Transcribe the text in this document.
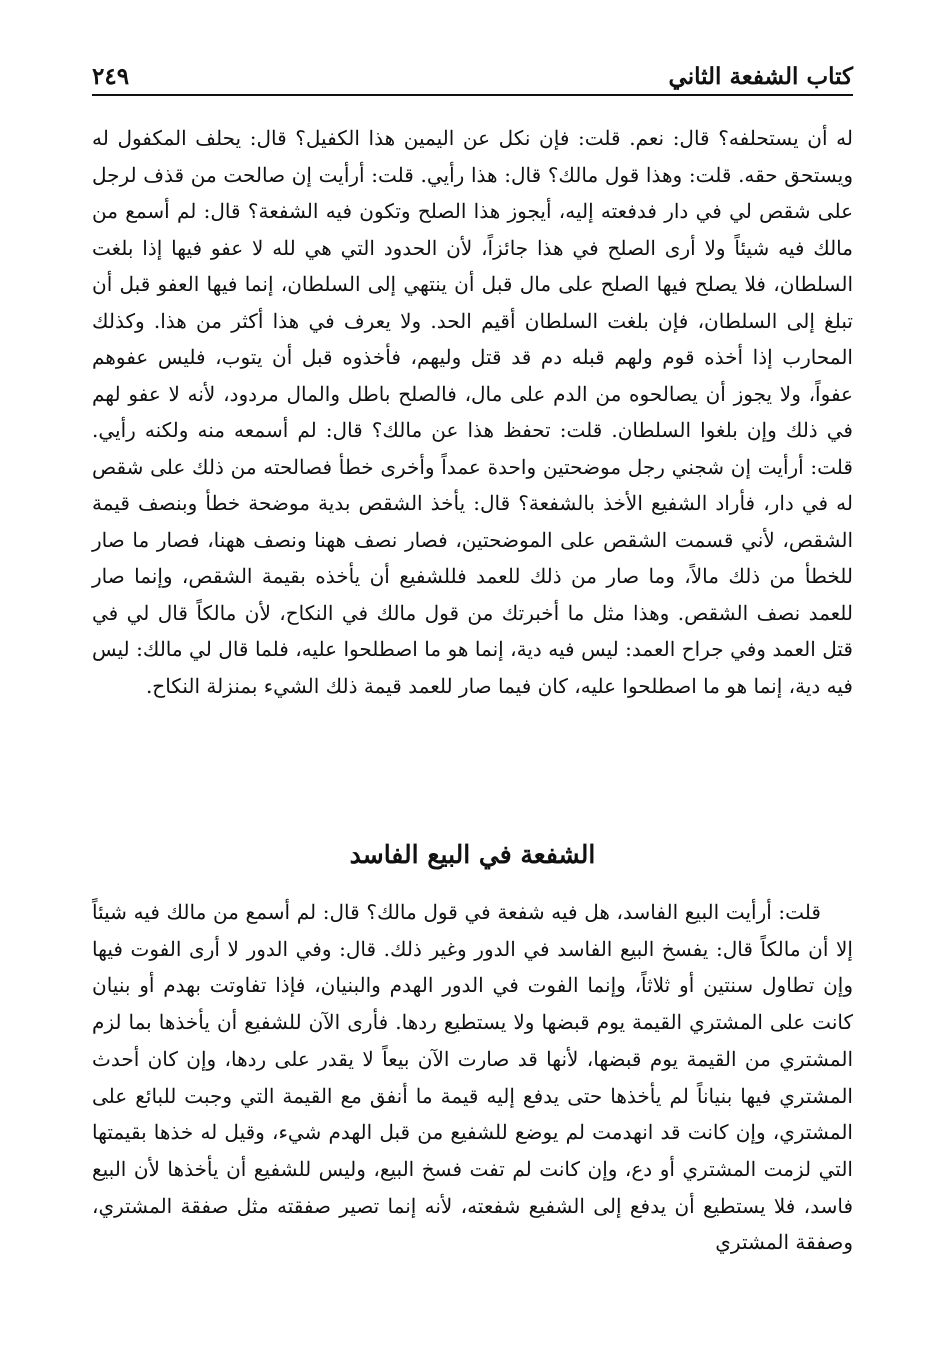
كتاب الشفعة الثاني
٢٤٩

له أن يستحلفه؟ قال: نعم. قلت: فإن نكل عن اليمين هذا الكفيل؟ قال: يحلف المكفول له ويستحق حقه. قلت: وهذا قول مالك؟ قال: هذا رأيي. قلت: أرأيت إن صالحت من قذف لرجل على شقص لي في دار فدفعته إليه، أيجوز هذا الصلح وتكون فيه الشفعة؟ قال: لم أسمع من مالك فيه شيئاً ولا أرى الصلح في هذا جائزاً، لأن الحدود التي هي لله لا عفو فيها إذا بلغت السلطان، فلا يصلح فيها الصلح على مال قبل أن ينتهي إلى السلطان، إنما فيها العفو قبل أن تبلغ إلى السلطان، فإن بلغت السلطان أقيم الحد. ولا يعرف في هذا أكثر من هذا. وكذلك المحارب إذا أخذه قوم ولهم قبله دم قد قتل وليهم، فأخذوه قبل أن يتوب، فليس عفوهم عفواً، ولا يجوز أن يصالحوه من الدم على مال، فالصلح باطل والمال مردود، لأنه لا عفو لهم في ذلك وإن بلغوا السلطان. قلت: تحفظ هذا عن مالك؟ قال: لم أسمعه منه ولكنه رأيي. قلت: أرأيت إن شجني رجل موضحتين واحدة عمداً وأخرى خطأ فصالحته من ذلك على شقص له في دار، فأراد الشفيع الأخذ بالشفعة؟ قال: يأخذ الشقص بدية موضحة خطأ وبنصف قيمة الشقص، لأني قسمت الشقص على الموضحتين، فصار نصف ههنا ونصف ههنا، فصار ما صار للخطأ من ذلك مالاً، وما صار من ذلك للعمد فللشفيع أن يأخذه بقيمة الشقص، وإنما صار للعمد نصف الشقص. وهذا مثل ما أخبرتك من قول مالك في النكاح، لأن مالكاً قال لي في قتل العمد وفي جراح العمد: ليس فيه دية، إنما هو ما اصطلحوا عليه، فلما قال لي مالك: ليس فيه دية، إنما هو ما اصطلحوا عليه، كان فيما صار للعمد قيمة ذلك الشيء بمنزلة النكاح.

الشفعة في البيع الفاسد

قلت: أرأيت البيع الفاسد، هل فيه شفعة في قول مالك؟ قال: لم أسمع من مالك فيه شيئاً إلا أن مالكاً قال: يفسخ البيع الفاسد في الدور وغير ذلك. قال: وفي الدور لا أرى الفوت فيها وإن تطاول سنتين أو ثلاثاً، وإنما الفوت في الدور الهدم والبنيان، فإذا تفاوتت بهدم أو بنيان كانت على المشتري القيمة يوم قبضها ولا يستطيع ردها. فأرى الآن للشفيع أن يأخذها بما لزم المشتري من القيمة يوم قبضها، لأنها قد صارت الآن بيعاً لا يقدر على ردها، وإن كان أحدث المشتري فيها بنياناً لم يأخذها حتى يدفع إليه قيمة ما أنفق مع القيمة التي وجبت للبائع على المشتري، وإن كانت قد انهدمت لم يوضع للشفيع من قبل الهدم شيء، وقيل له خذها بقيمتها التي لزمت المشتري أو دع، وإن كانت لم تفت فسخ البيع، وليس للشفيع أن يأخذها لأن البيع فاسد، فلا يستطيع أن يدفع إلى الشفيع شفعته، لأنه إنما تصير صفقته مثل صفقة المشتري، وصفقة المشتري
